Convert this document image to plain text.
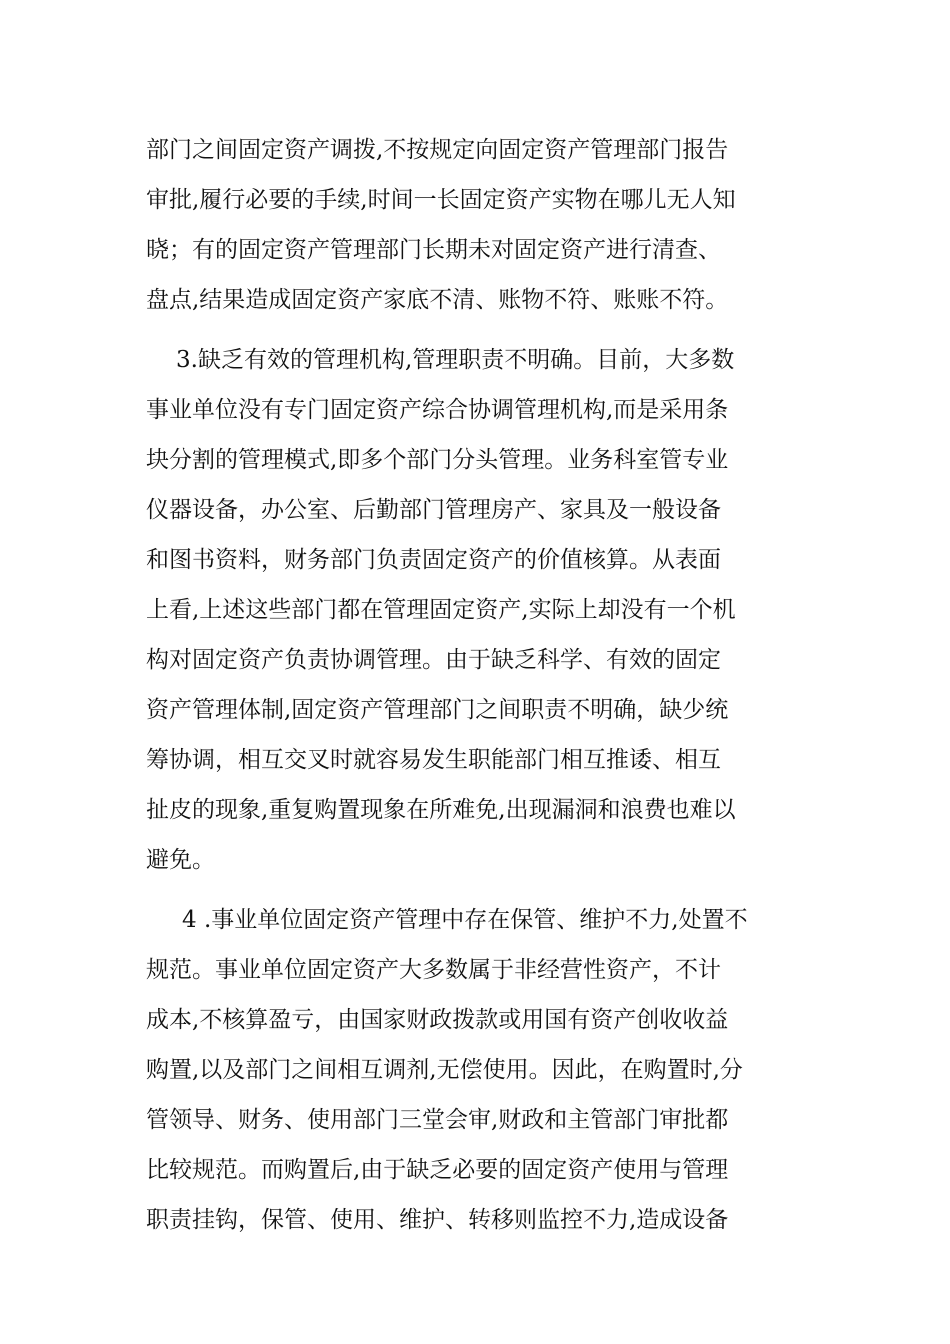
部门之间固定资产调拨,不按规定向固定资产管理部门报告
审批,履行必要的手续,时间一长固定资产实物在哪儿无人知
晓；有的固定资产管理部门长期未对固定资产进行清查、
盘点,结果造成固定资产家底不清、账物不符、账账不符。
3.缺乏有效的管理机构,管理职责不明确。目前，大多数
事业单位没有专门固定资产综合协调管理机构,而是采用条
块分割的管理模式,即多个部门分头管理。业务科室管专业
仪器设备，办公室、后勤部门管理房产、家具及一般设备
和图书资料，财务部门负责固定资产的价值核算。从表面
上看,上述这些部门都在管理固定资产,实际上却没有一个机
构对固定资产负责协调管理。由于缺乏科学、有效的固定
资产管理体制,固定资产管理部门之间职责不明确，缺少统
筹协调，相互交叉时就容易发生职能部门相互推诿、相互
扯皮的现象,重复购置现象在所难免,出现漏洞和浪费也难以
避免。
4 .事业单位固定资产管理中存在保管、维护不力,处置不
规范。事业单位固定资产大多数属于非经营性资产，不计
成本,不核算盈亏，由国家财政拨款或用国有资产创收收益
购置,以及部门之间相互调剂,无偿使用。因此，在购置时,分
管领导、财务、使用部门三堂会审,财政和主管部门审批都
比较规范。而购置后,由于缺乏必要的固定资产使用与管理
职责挂钩，保管、使用、维护、转移则监控不力,造成设备
